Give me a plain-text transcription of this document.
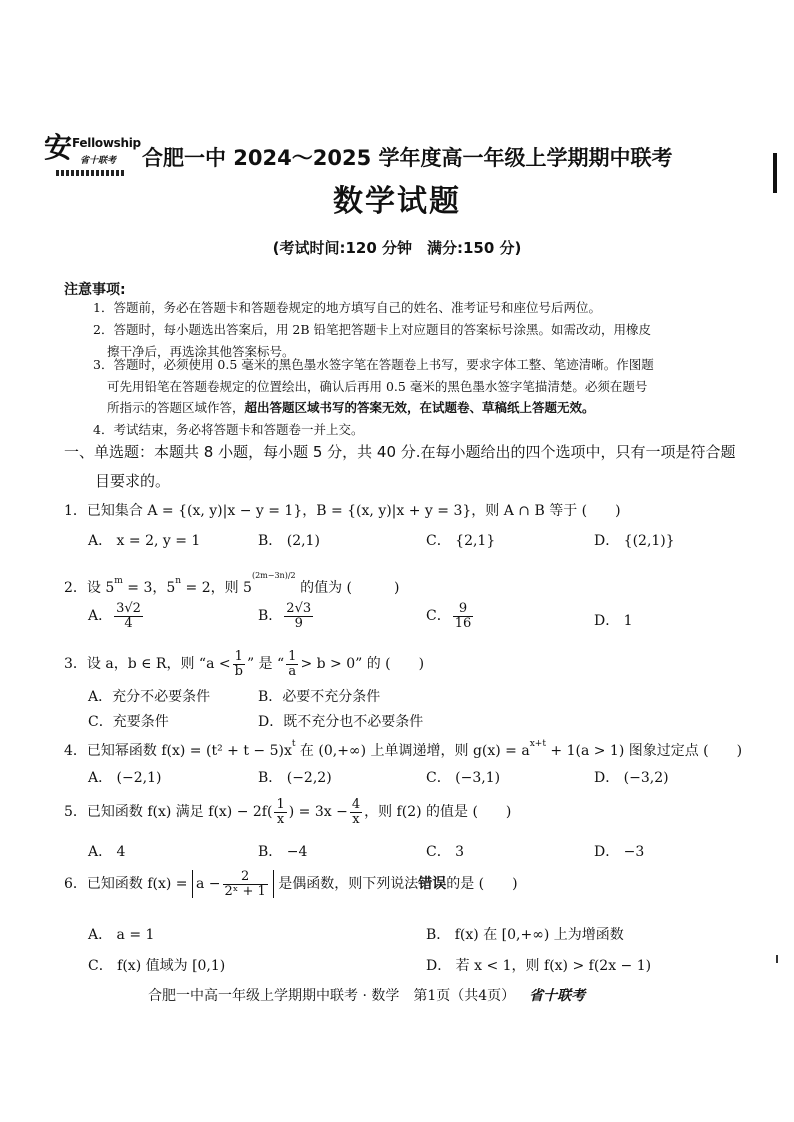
安 Fellowship
省十联考 合肥一中 2024～2025 学年度高一年级上学期期中联考
数学试题
(考试时间:120 分钟　满分:150 分)
注意事项:
1．答题前，务必在答题卡和答题卷规定的地方填写自己的姓名、准考证号和座位号后两位。
2．答题时，每小题选出答案后，用 2B 铅笔把答题卡上对应题目的答案标号涂黑。如需改动，用橡皮
擦干净后，再选涂其他答案标号。
3．答题时，必须使用 0.5 毫米的黑色墨水签字笔在答题卷上书写，要求字体工整、笔迹清晰。作图题
可先用铅笔在答题卷规定的位置绘出，确认后再用 0.5 毫米的黑色墨水签字笔描清楚。必须在题号
所指示的答题区域作答，超出答题区域书写的答案无效，在试题卷、草稿纸上答题无效。
4．考试结束，务必将答题卡和答题卷一并上交。
一、单选题：本题共 8 小题，每小题 5 分，共 40 分.在每小题给出的四个选项中，只有一项是符合题
目要求的。
1．已知集合 A = {(x, y)|x − y = 1}，B = {(x, y)|x + y = 3}，则 A ∩ B 等于 (　　)
A． x = 2, y = 1	B． (2,1)	C． {2,1}	D． {(2,1)}
2．设 $5^m = 3$，$5^n = 2$，则 $5^{(2m-3n)/2}$ 的值为 (　　　)
A． $\frac{3√2}{4}$	B． $\frac{2√3}{9}$	C． $\frac{9}{16}$	D． 1
3．设 a，b ∈ R，则 “$a < \frac{1}{b}$ ” 是 “ $\frac{1}{a} > b > 0$” 的 (　　)
A．充分不必要条件	B．必要不充分条件
C．充要条件	D．既不充分也不必要条件
4．已知幂函数 $f(x) = (t^2 + t - 5)x^t$ 在 (0,+∞) 上单调递增，则 $g(x) = a^{x+t} + 1(a > 1)$ 图象过定点 (　　)
A． (−2,1)	B． (−2,2)	C． (−3,1)	D． (−3,2)
5．已知函数 f(x) 满足 $f(x) - 2f( \frac{1}{x}$ ) = $3x - \frac{4}{x}$ ，则 f(2) 的值是 (　　)
A． 4	B． −4	C． 3	D． −3
6．已知函数 $f(x) = a - \frac{2}{\text{2ˣ + 1}}$ 是偶函数，则下列说法错误的是 (　　)
A． a = 1	B． f(x) 在 [0,+∞) 上为增函数
C． f(x) 值域为 [0,1)	D． 若 x < 1，则 f(x) > f(2x − 1)
合肥一中高一年级上学期期中联考 · 数学　第1页（共4页） 省十联考
